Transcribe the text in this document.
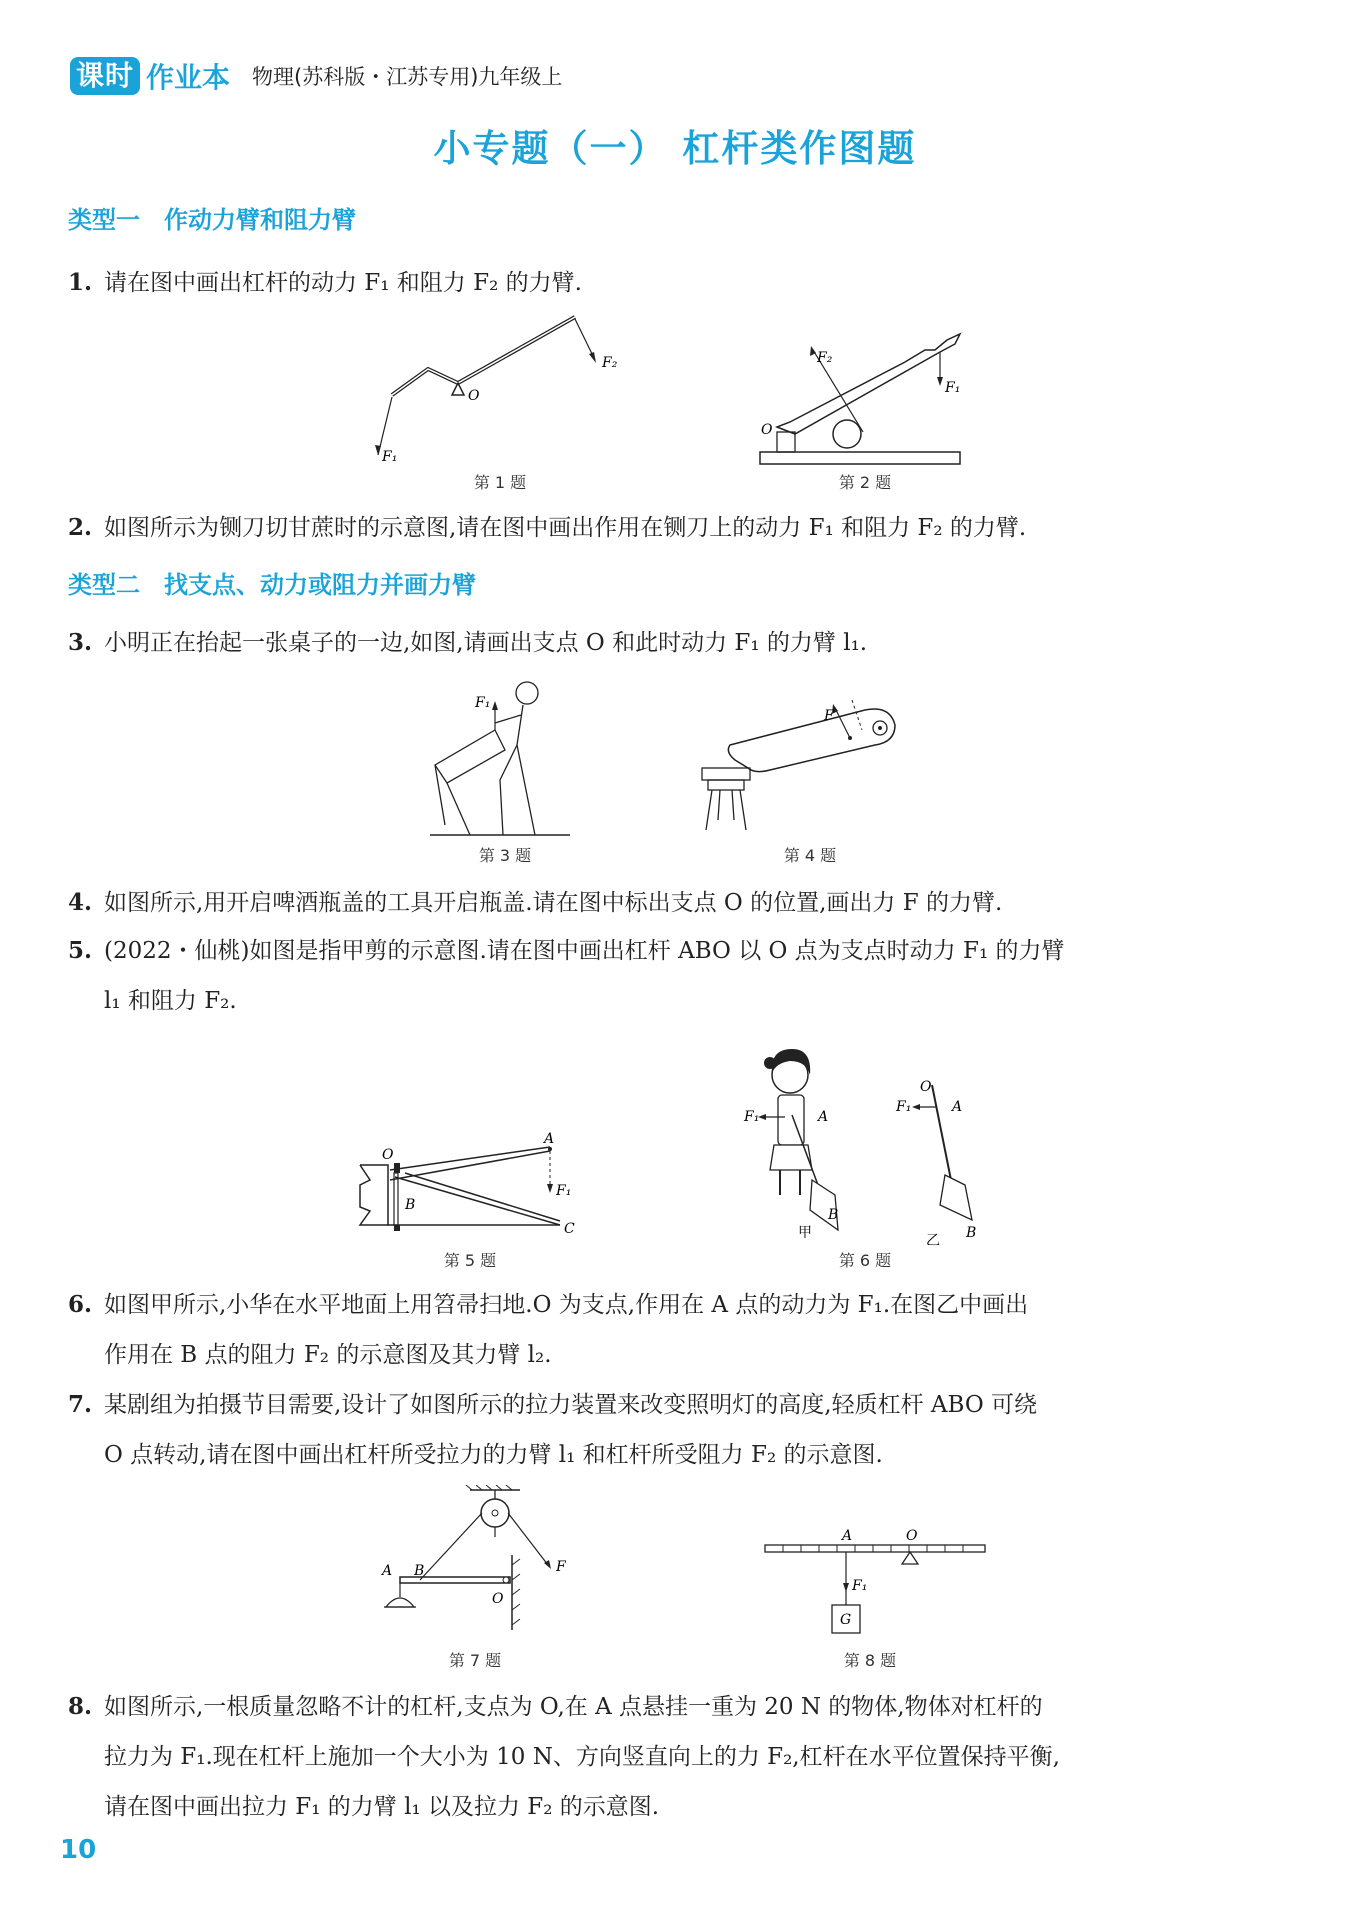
课时 作业本 物理(苏科版・江苏专用)九年级上
小专题（一） 杠杆类作图题
类型一　作动力臂和阻力臂
1. 请在图中画出杠杆的动力 F₁ 和阻力 F₂ 的力臂.
O
F₁
F₂
第 1 题
O
F₂
F₁
第 2 题
2. 如图所示为铡刀切甘蔗时的示意图,请在图中画出作用在铡刀上的动力 F₁ 和阻力 F₂ 的力臂.
类型二　找支点、动力或阻力并画力臂
3. 小明正在抬起一张桌子的一边,如图,请画出支点 O 和此时动力 F₁ 的力臂 l₁.
F₁
第 3 题
F
第 4 题
4. 如图所示,用开启啤酒瓶盖的工具开启瓶盖.请在图中标出支点 O 的位置,画出力 F 的力臂.
5. (2022・仙桃)如图是指甲剪的示意图.请在图中画出杠杆 ABO 以 O 点为支点时动力 F₁ 的力臂
l₁ 和阻力 F₂.
O
A
B
C
F₁
第 5 题
F₁	A
B
甲
F₁
O
A
B
乙
第 6 题
6. 如图甲所示,小华在水平地面上用笤帚扫地.O 为支点,作用在 A 点的动力为 F₁.在图乙中画出
作用在 B 点的阻力 F₂ 的示意图及其力臂 l₂.
7. 某剧组为拍摄节目需要,设计了如图所示的拉力装置来改变照明灯的高度,轻质杠杆 ABO 可绕
O 点转动,请在图中画出杠杆所受拉力的力臂 l₁ 和杠杆所受阻力 F₂ 的示意图.
A B
O
F
第 7 题
A	O
F₁
G
第 8 题
8. 如图所示,一根质量忽略不计的杠杆,支点为 O,在 A 点悬挂一重为 20 N 的物体,物体对杠杆的
拉力为 F₁.现在杠杆上施加一个大小为 10 N、方向竖直向上的力 F₂,杠杆在水平位置保持平衡,
请在图中画出拉力 F₁ 的力臂 l₁ 以及拉力 F₂ 的示意图.
10
